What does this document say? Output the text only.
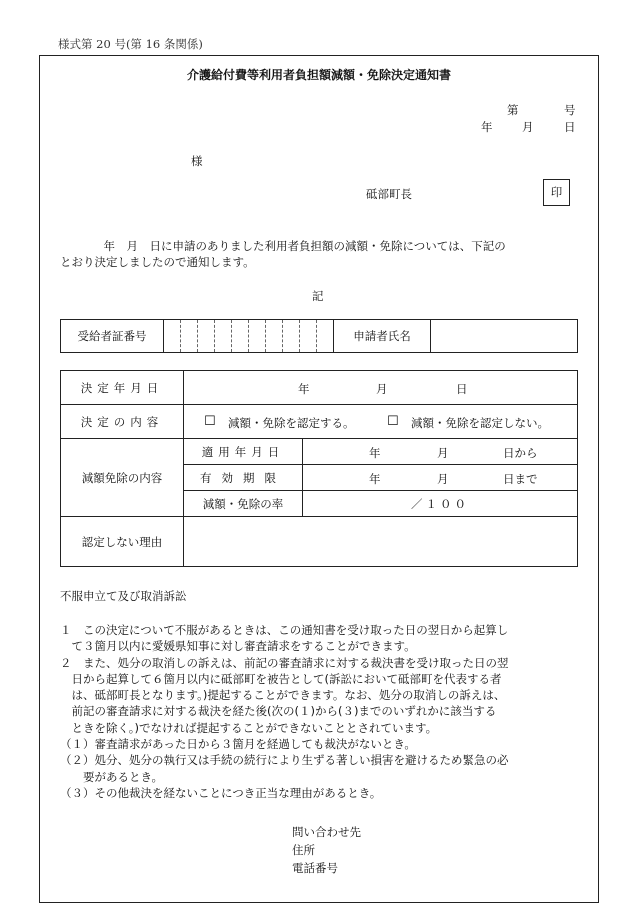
様式第 20 号(第 16 条関係)
介護給付費等利用者負担額減額・免除決定通知書
第	号
年	月	日
様
砥部町長	印
　年　月　日に申請のありました利用者負担額の減額・免除については、下記の
とおり決定しましたので通知します。
記
受給者証番号											申請者氏名	
決定年月日	年 月 日	

決定の内容	☐ 減額・免除を認定する。 ☐ 減額・免除を認定しない。	

減額免除の内容	適用年月日	年 月 日から

	有効期限	年 月 日まで

	減額・免除の率	／１００
認定しない理由		
不服申立て及び取消訴訟
１　この決定について不服があるときは、この通知書を受け取った日の翌日から起算し
　て３箇月以内に愛媛県知事に対し審査請求をすることができます。
２　また、処分の取消しの訴えは、前記の審査請求に対する裁決書を受け取った日の翌
　日から起算して６箇月以内に砥部町を被告として(訴訟において砥部町を代表する者
　は、砥部町長となります。)提起することができます。なお、処分の取消しの訴えは、
　前記の審査請求に対する裁決を経た後(次の(１)から(３)までのいずれかに該当する
　ときを除く。)でなければ提起することができないこととされています。
（１）審査請求があった日から３箇月を経過しても裁決がないとき。
（２）処分、処分の執行又は手続の続行により生ずる著しい損害を避けるため緊急の必
　　要があるとき。
（３）その他裁決を経ないことにつき正当な理由があるとき。
問い合わせ先
住所
電話番号
